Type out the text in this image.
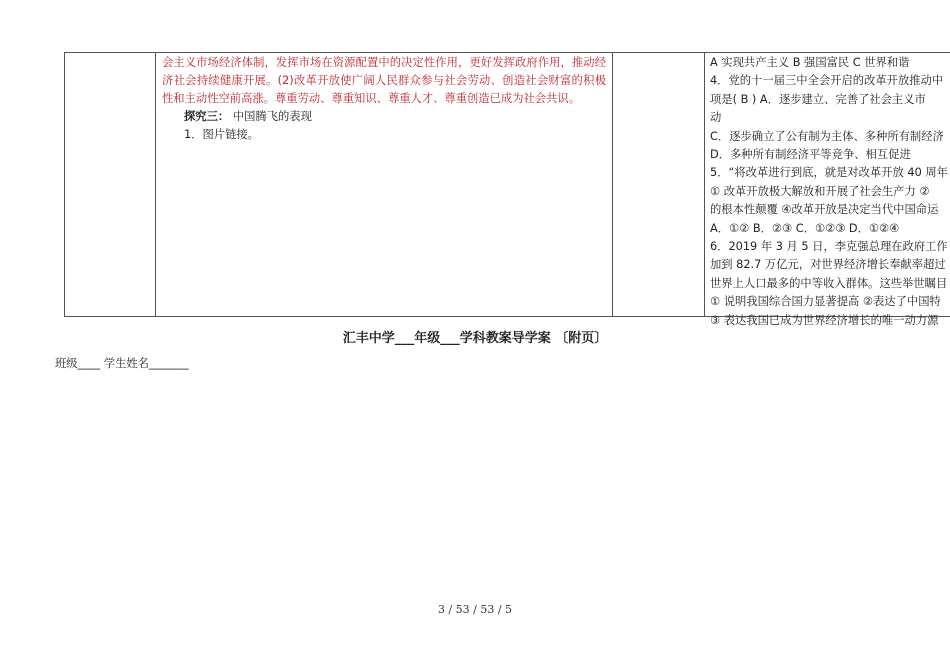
会主义市场经济体制，发挥市场在资源配置中的决定性作用，更好发挥政府作用，推动经济社会持续健康开展。(2)改革开放使广阔人民群众参与社会劳动、创造社会财富的积极性和主动性空前高涨。尊重劳动、尊重知识、尊重人才、尊重创造已成为社会共识。

探究三： 中国腾飞的表现

1．图片链接。

A 实现共产主义 B 强国富民 C 世界和谐

4．党的十一届三中全会开启的改革开放推动中

项是( B ) A．逐步建立、完善了社会主义市

动

C．逐步确立了公有制为主体、多种所有制经济

D．多种所有制经济平等竞争、相互促进

5．“将改革进行到底，就是对改革开放 40 周年

① 改革开放极大解放和开展了社会生产力 ②

的根本性颠覆 ④改革开放是决定当代中国命运

A．①② B．②③ C．①②③ D．①②④

6．2019 年 3 月 5 日，李克强总理在政府工作

加到 82.7 万亿元，对世界经济增长奉献率超过

世界上人口最多的中等收入群体。这些举世瞩目

① 说明我国综合国力显著提高 ②表达了中国特

③ 表达我国已成为世界经济增长的唯一动力源

汇丰中学___年级___学科教案导学案 〔附页〕
班级____ 学生姓名_______
3 / 53 / 53 / 5
